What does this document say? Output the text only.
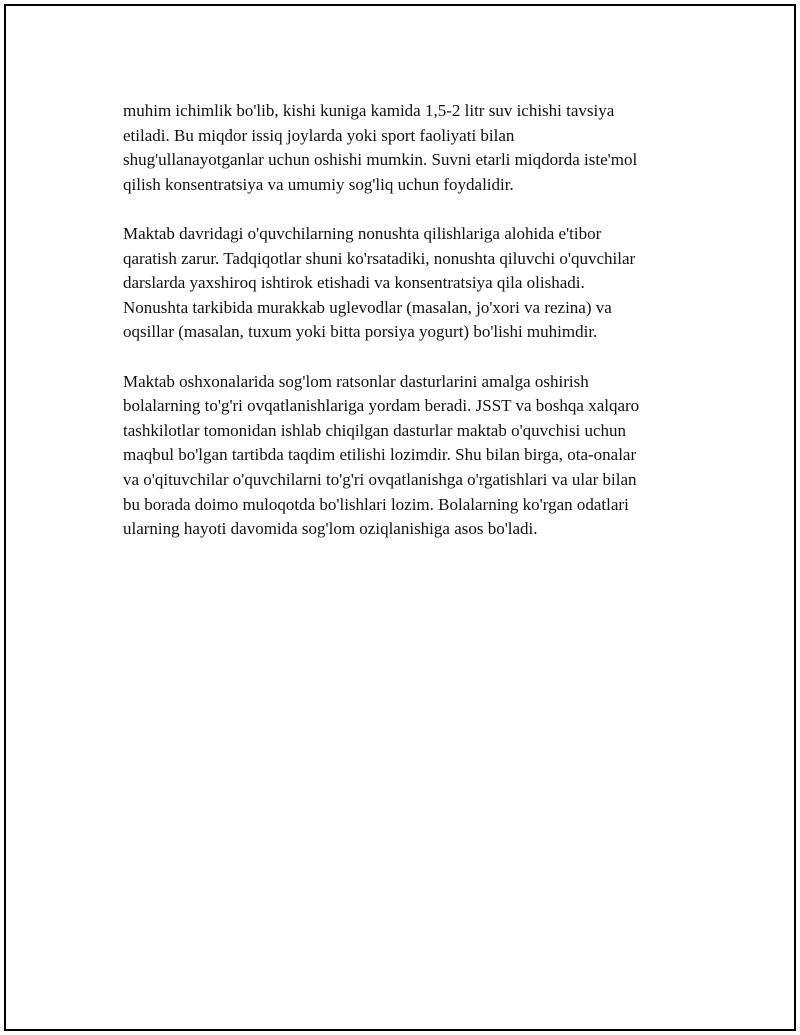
muhim ichimlik bo'lib, kishi kuniga kamida 1,5-2 litr suv ichishi tavsiya
etiladi. Bu miqdor issiq joylarda yoki sport faoliyati bilan
shug'ullanayotganlar uchun oshishi mumkin. Suvni etarli miqdorda iste'mol
qilish konsentratsiya va umumiy sog'liq uchun foydalidir.

Maktab davridagi o'quvchilarning nonushta qilishlariga alohida e'tibor
qaratish zarur. Tadqiqotlar shuni ko'rsatadiki, nonushta qiluvchi o'quvchilar
darslarda yaxshiroq ishtirok etishadi va konsentratsiya qila olishadi.
Nonushta tarkibida murakkab uglevodlar (masalan, jo'xori va rezina) va
oqsillar (masalan, tuxum yoki bitta porsiya yogurt) bo'lishi muhimdir.

Maktab oshxonalarida sog'lom ratsonlar dasturlarini amalga oshirish
bolalarning to'g'ri ovqatlanishlariga yordam beradi. JSST va boshqa xalqaro
tashkilotlar tomonidan ishlab chiqilgan dasturlar maktab o'quvchisi uchun
maqbul bo'lgan tartibda taqdim etilishi lozimdir. Shu bilan birga, ota-onalar
va o'qituvchilar o'quvchilarni to'g'ri ovqatlanishga o'rgatishlari va ular bilan
bu borada doimo muloqotda bo'lishlari lozim. Bolalarning ko'rgan odatlari
ularning hayoti davomida sog'lom oziqlanishiga asos bo'ladi.
